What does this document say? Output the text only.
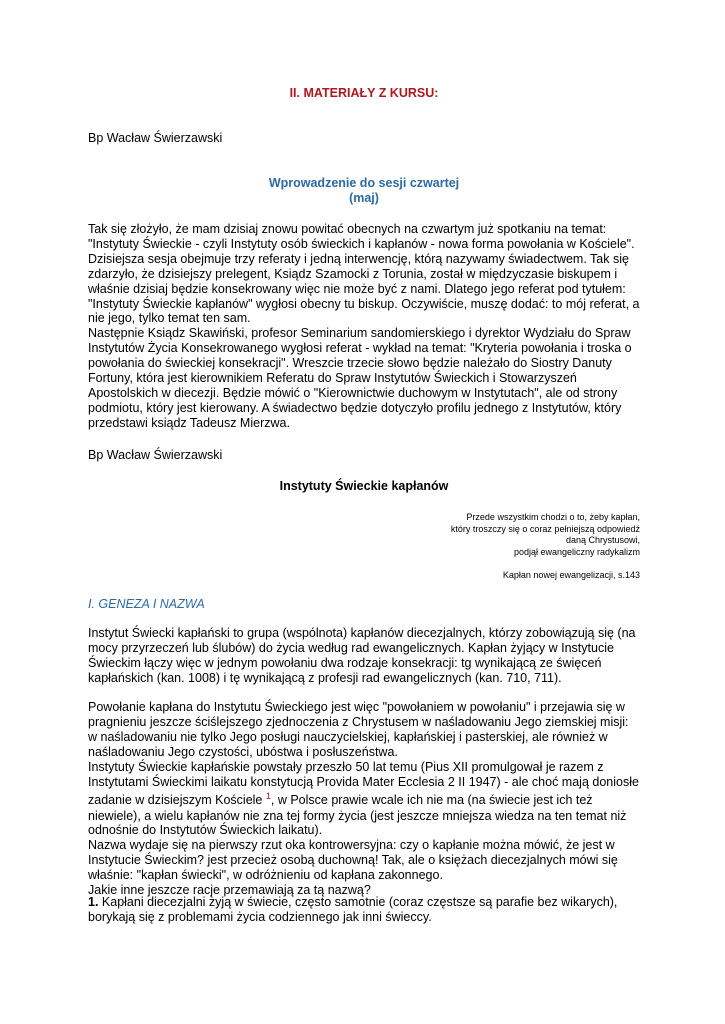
II. MATERIAŁY Z KURSU:
Bp Wacław Świerzawski
Wprowadzenie do sesji czwartej
(maj)

Tak się złożyło, że mam dzisiaj znowu powitać obecnych na czwartym już spotkaniu na temat: "Instytuty Świeckie - czyli Instytuty osób świeckich i kapłanów - nowa forma powołania w Kościele". Dzisiejsza sesja obejmuje trzy referaty i jedną interwencję, którą nazywamy świadectwem. Tak się zdarzyło, że dzisiejszy prelegent, Ksiądz Szamocki z Torunia, został w międzyczasie biskupem i właśnie dzisiaj będzie konsekrowany więc nie może być z nami. Dlatego jego referat pod tytułem: "Instytuty Świeckie kapłanów" wygłosi obecny tu biskup. Oczywiście, muszę dodać: to mój referat, a nie jego, tylko temat ten sam.

Następnie Ksiądz Skawiński, profesor Seminarium sandomierskiego i dyrektor Wydziału do Spraw Instytutów Życia Konsekrowanego wygłosi referat - wykład na temat: "Kryteria powołania i troska o powołania do świeckiej konsekracji". Wreszcie trzecie słowo będzie należało do Siostry Danuty Fortuny, która jest kierownikiem Referatu do Spraw Instytutów Świeckich i Stowarzyszeń Apostolskich w diecezji. Będzie mówić o "Kierownictwie duchowym w Instytutach", ale od strony podmiotu, który jest kierowany. A świadectwo będzie dotyczyło profilu jednego z Instytutów, który przedstawi ksiądz Tadeusz Mierzwa.

Bp Wacław Świerzawski
Instytuty Świeckie kapłanów
Przede wszystkim chodzi o to, żeby kapłan,
który troszczy się o coraz pełniejszą odpowiedź
daną Chrystusowi,
podjął ewangeliczny radykalizm
Kapłan nowej ewangelizacji, s.143
I. GENEZA I NAZWA

Instytut Świecki kapłański to grupa (wspólnota) kapłanów diecezjalnych, którzy zobowiązują się (na mocy przyrzeczeń lub ślubów) do życia według rad ewangelicznych. Kapłan żyjący w Instytucie Świeckim łączy więc w jednym powołaniu dwa rodzaje konsekracji: tg wynikającą ze święceń kapłańskich (kan. 1008) i tę wynikającą z profesji rad ewangelicznych (kan. 710, 711).

Powołanie kapłana do Instytutu Świeckiego jest więc "powołaniem w powołaniu" i przejawia się w pragnieniu jeszcze ściślejszego zjednoczenia z Chrystusem w naśladowaniu Jego ziemskiej misji: w naśladowaniu nie tylko Jego posługi nauczycielskiej, kapłańskiej i pasterskiej, ale również w naśladowaniu Jego czystości, ubóstwa i posłuszeństwa.

Instytuty Świeckie kapłańskie powstały przeszło 50 lat temu (Pius XII promulgował je razem z Instytutami Świeckimi laikatu konstytucją Provida Mater Ecclesia 2 II 1947) - ale choć mają doniosłe zadanie w dzisiejszym Kościele $^1$, w Polsce prawie wcale ich nie ma (na świecie jest ich też niewiele), a wielu kapłanów nie zna tej formy życia (jest jeszcze mniejsza wiedza na ten temat niż odnośnie do Instytutów Świeckich laikatu).

Nazwa wydaje się na pierwszy rzut oka kontrowersyjna: czy o kapłanie można mówić, że jest w Instytucie Świeckim? jest przecież osobą duchowną! Tak, ale o księżach diecezjalnych mówi się właśnie: "kapłan świecki", w odróżnieniu od kapłana zakonnego.

Jakie inne jeszcze racje przemawiają za tą nazwą?

1. Kapłani diecezjalni żyją w świecie, często samotnie (coraz częstsze są parafie bez wikarych), borykają się z problemami życia codziennego jak inni świeccy.
